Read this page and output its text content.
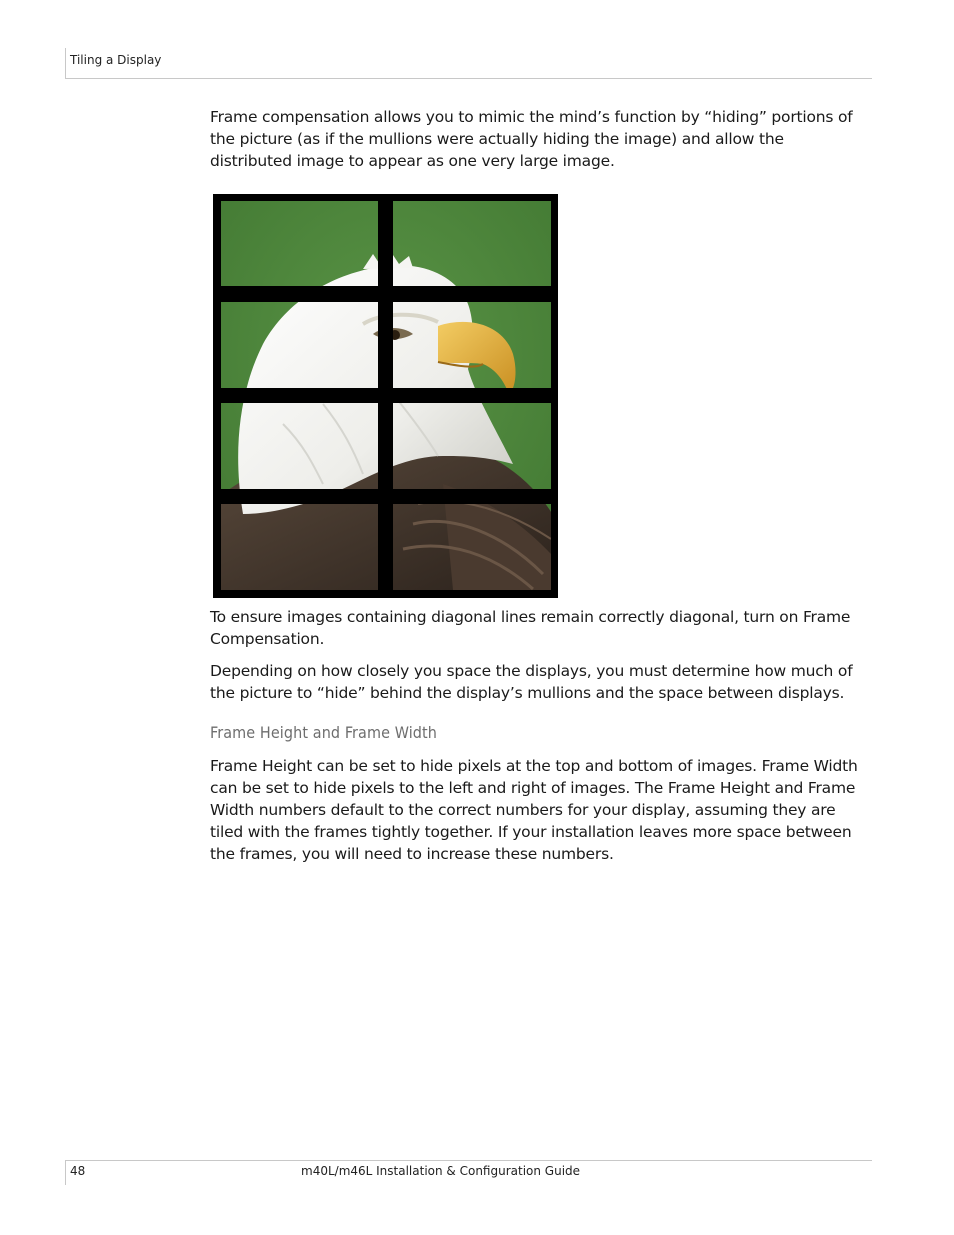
Tiling a Display

Frame compensation allows you to mimic the mind’s function by “hiding” portions of the picture (as if the mullions were actually hiding the image) and allow the distributed image to appear as one very large image.

To ensure images containing diagonal lines remain correctly diagonal, turn on Frame Compensation.

Depending on how closely you space the displays, you must determine how much of the picture to “hide” behind the display’s mullions and the space between displays.

Frame Height and Frame Width

Frame Height can be set to hide pixels at the top and bottom of images. Frame Width can be set to hide pixels to the left and right of images. The Frame Height and Frame Width numbers default to the correct numbers for your display, assuming they are tiled with the frames tightly together. If your installation leaves more space between the frames, you will need to increase these numbers.

48	m40L/m46L Installation & Configuration Guide
